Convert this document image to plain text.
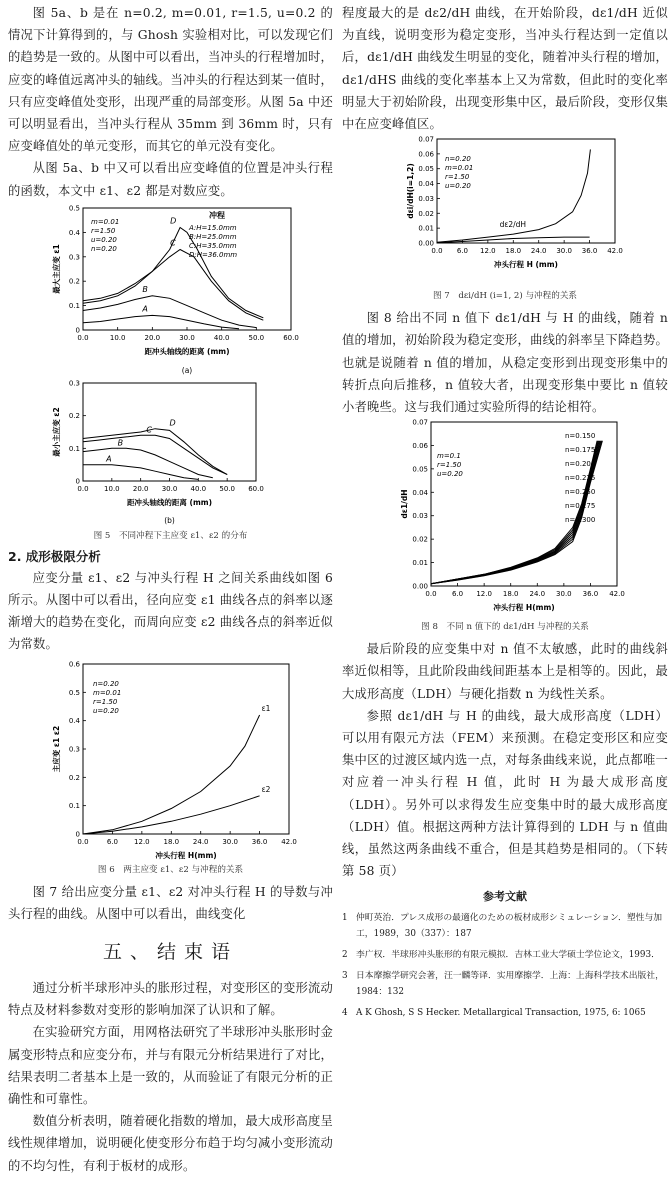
图 5a、b 是在 n=0.2, m=0.01, r=1.5, u=0.2 的情况下计算得到的，与 Ghosh 实验相对比，可以发现它们的趋势是一致的。从图中可以看出，当冲头的行程增加时，应变的峰值远离冲头的轴线。当冲头的行程达到某一值时，只有应变峰值处变形，出现严重的局部变形。从图 5a 中还可以明显看出，当冲头行程从 35mm 到 36mm 时，只有应变峰值处的单元变形，而其它的单元没有变化。

从图 5a、b 中又可以看出应变峰值的位置是冲头行程的函数，本文中 ε1、ε2 都是对数应变。

0.0	10.0	20.0	30.0	40.0	50.0	60.0
0
0.1
0.2
0.3
0.4
0.5
距冲头轴线的距离 (mm)
最大主应变 ε1
(a)
m=0.01
r=1.50
u=0.20
n=0.20
冲程
A:H=15.0mm
B:H=25.0mm
C:H=35.0mm
D:H=36.0mm
A
B
C
D
0.0 10.0 20.0 30.0 40.0 50.0 60.0
0
0.1
0.2
0.3
距冲头轴线的距离 (mm)
最小主应变 ε2
(b)
A
B
C
D
图 5　不同冲程下主应变 ε1、ε2 的分布
2. 成形极限分析

应变分量 ε1、ε2 与冲头行程 H 之间关系曲线如图 6 所示。从图中可以看出，径向应变 ε1 曲线各点的斜率以逐渐增大的趋势在变化，而周向应变 ε2 曲线各点的斜率近似为常数。

0.0	6.0 12.0 18.0 24.0 30.0 36.0 42.0
0
0.1
0.2
0.3
0.4
0.5
0.6
冲头行程 H(mm)
主应变 ε1 ε2
n=0.20
m=0.01
r=1.50
u=0.20	ε1
ε2
图 6　两主应变 ε1、ε2 与冲程的关系

图 7 给出应变分量 ε1、ε2 对冲头行程 H 的导数与冲头行程的曲线。从图中可以看出，曲线变化

五、结束语

通过分析半球形冲头的胀形过程，对变形区的变形流动特点及材料参数对变形的影响加深了认识和了解。

在实验研究方面，用网格法研究了半球形冲头胀形时金属变形特点和应变分布，并与有限元分析结果进行了对比，结果表明二者基本上是一致的，从而验证了有限元分析的正确性和可靠性。

数值分析表明，随着硬化指数的增加，最大成形高度呈线性规律增加，说明硬化使变形分布趋于均匀减小变形流动的不均匀性，有利于板材的成形。

程度最大的是 dε2/dH 曲线，在开始阶段，dε1/dH 近似为直线，说明变形为稳定变形，当冲头行程达到一定值以后，dε1/dH 曲线发生明显的变化，随着冲头行程的增加，dε1/dHS 曲线的变化率基本上又为常数，但此时的变化率明显大于初始阶段，出现变形集中区，最后阶段，变形仅集中在应变峰值区。

0.0 6.0 12.0 18.0 24.0 30.0 36.0 42.0
0.00
0.01
0.02
0.03
0.04
0.05
0.06
0.07
冲头行程 H (mm)
dεi/dH(i=1,2)
n=0.20
m=0.01
r=1.50
u=0.20
dε2/dH
图 7　dεi/dH (i=1, 2) 与冲程的关系

图 8 给出不同 n 值下 dε1/dH 与 H 的曲线，随着 n 值的增加，初始阶段为稳定变形，曲线的斜率呈下降趋势。也就是说随着 n 值的增加，从稳定变形到出现变形集中的转折点向后推移，n 值较大者，出现变形集中要比 n 值较小者晚些。这与我们通过实验所得的结论相符。

0.0 6.0 12.0 18.0 24.0 30.0 36.0 42.0
0.00
0.01
0.02
0.03
0.04
0.05
0.06
0.07
冲头行程 H(mm)
dε1/dH
m=0.1
r=1.50
u=0.20
n=0.150
n=0.175
n=0.200
n=0.225
n=0.250
n=0.275
n=0.300
图 8　不同 n 值下的 dε1/dH 与冲程的关系

最后阶段的应变集中对 n 值不太敏感，此时的曲线斜率近似相等，且此阶段曲线间距基本上是相等的。因此，最大成形高度（LDH）与硬化指数 n 为线性关系。

参照 dε1/dH 与 H 的曲线，最大成形高度（LDH）可以用有限元方法（FEM）来预测。在稳定变形区和应变集中区的过渡区域内选一点，对每条曲线来说，此点都唯一对应着一冲头行程 H 值，此时 H 为最大成形高度（LDH）。另外可以求得发生应变集中时的最大成形高度（LDH）值。根据这两种方法计算得到的 LDH 与 n 值曲线，虽然这两条曲线不重合，但是其趋势是相同的。（下转第 58 页）

参考文献
1 仲町英治．プレス成形の最適化のための板材成形シミュレーション．塑性与加工，1989，30（337）：187
2 李广权．半球形冲头胀形的有限元模拟．吉林工业大学硕士学位论文，1993．
3 日本摩擦学研究会著，汪一麟等译．实用摩擦学．上海：上海科学技术出版社，1984：132
4 A K Ghosh, S S Hecker. Metallargical Transaction, 1975, 6: 1065
